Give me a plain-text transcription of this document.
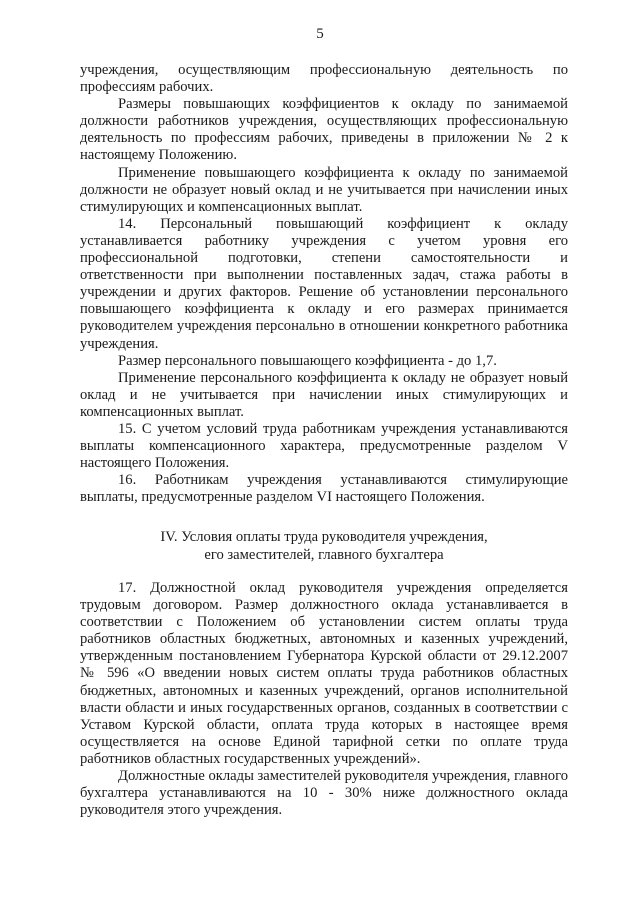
5

учреждения, осуществляющим профессиональную деятельность по профессиям рабочих.

Размеры повышающих коэффициентов к окладу по занимаемой должности работников учреждения, осуществляющих профессиональную деятельность по профессиям рабочих, приведены в приложении № 2 к настоящему Положению.

Применение повышающего коэффициента к окладу по занимаемой должности не образует новый оклад и не учитывается при начислении иных стимулирующих и компенсационных выплат.

14. Персональный повышающий коэффициент к окладу устанавливается работнику учреждения с учетом уровня его профессиональной подготовки, степени самостоятельности и ответственности при выполнении поставленных задач, стажа работы в учреждении и других факторов. Решение об установлении персонального повышающего коэффициента к окладу и его размерах принимается руководителем учреждения персонально в отношении конкретного работника учреждения.

Размер персонального повышающего коэффициента - до 1,7.

Применение персонального коэффициента к окладу не образует новый оклад и не учитывается при начислении иных стимулирующих и компенсационных выплат.

15. С учетом условий труда работникам учреждения устанавливаются выплаты компенсационного характера, предусмотренные разделом V настоящего Положения.

16. Работникам учреждения устанавливаются стимулирующие выплаты, предусмотренные разделом VI настоящего Положения.

IV. Условия оплаты труда руководителя учреждения,
его заместителей, главного бухгалтера

17. Должностной оклад руководителя учреждения определяется трудовым договором. Размер должностного оклада устанавливается в соответствии с Положением об установлении систем оплаты труда работников областных бюджетных, автономных и казенных учреждений, утвержденным постановлением Губернатора Курской области от 29.12.2007 № 596 «О введении новых систем оплаты труда работников областных бюджетных, автономных и казенных учреждений, органов исполнительной власти области и иных государственных органов, созданных в соответствии с Уставом Курской области, оплата труда которых в настоящее время осуществляется на основе Единой тарифной сетки по оплате труда работников областных государственных учреждений».

Должностные оклады заместителей руководителя учреждения, главного бухгалтера устанавливаются на 10 - 30% ниже должностного оклада руководителя этого учреждения.
